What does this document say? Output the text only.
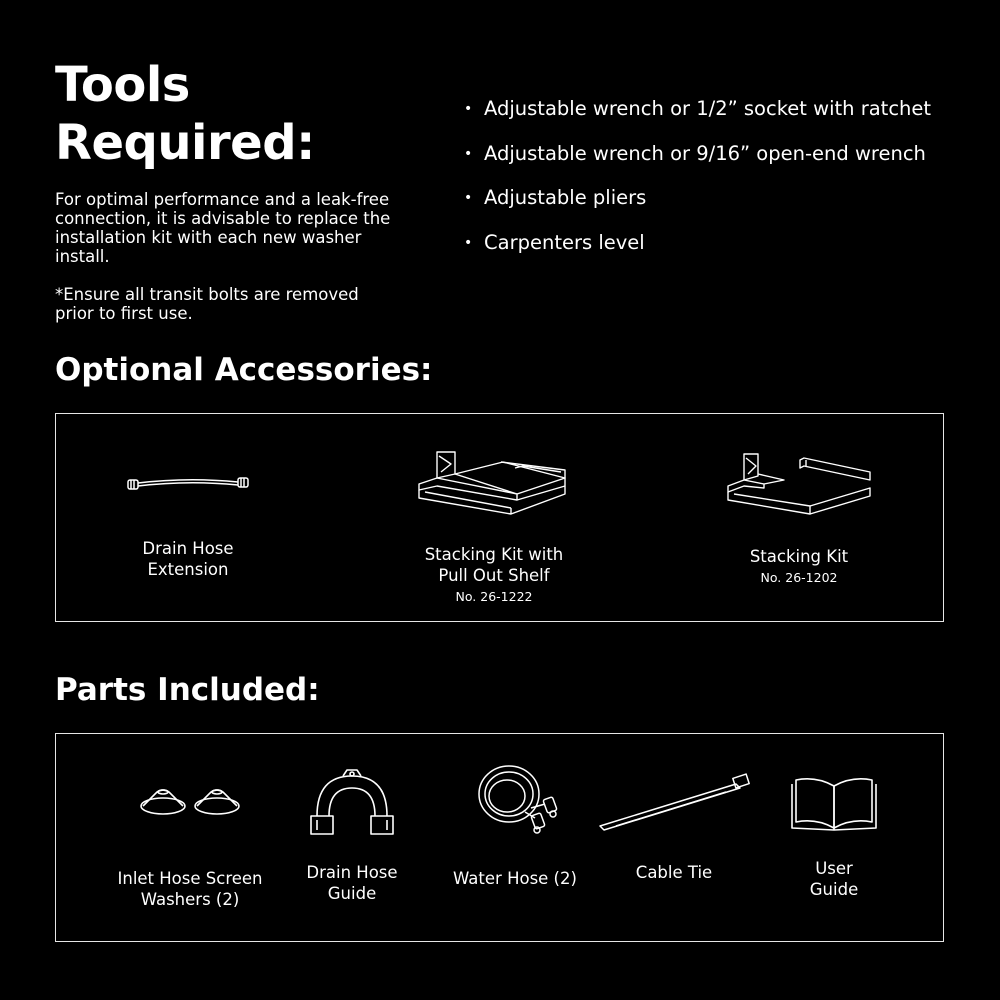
Tools
Required:

For optimal performance and a leak-free connection, it is advisable to replace the installation kit with each new washer install.

*Ensure all transit bolts are removed prior to first use.

• Adjustable wrench or 1/2” socket with ratchet
• Adjustable wrench or 9/16” open-end wrench
• Adjustable pliers
• Carpenters level
Optional Accessories:
Drain Hose
Extension
Stacking Kit with
Pull Out Shelf
No. 26-1222
Stacking Kit
No. 26-1202
Parts Included:
Inlet Hose Screen
Washers (2)
Drain Hose
Guide
Water Hose (2)	Cable Tie	User
Guide
